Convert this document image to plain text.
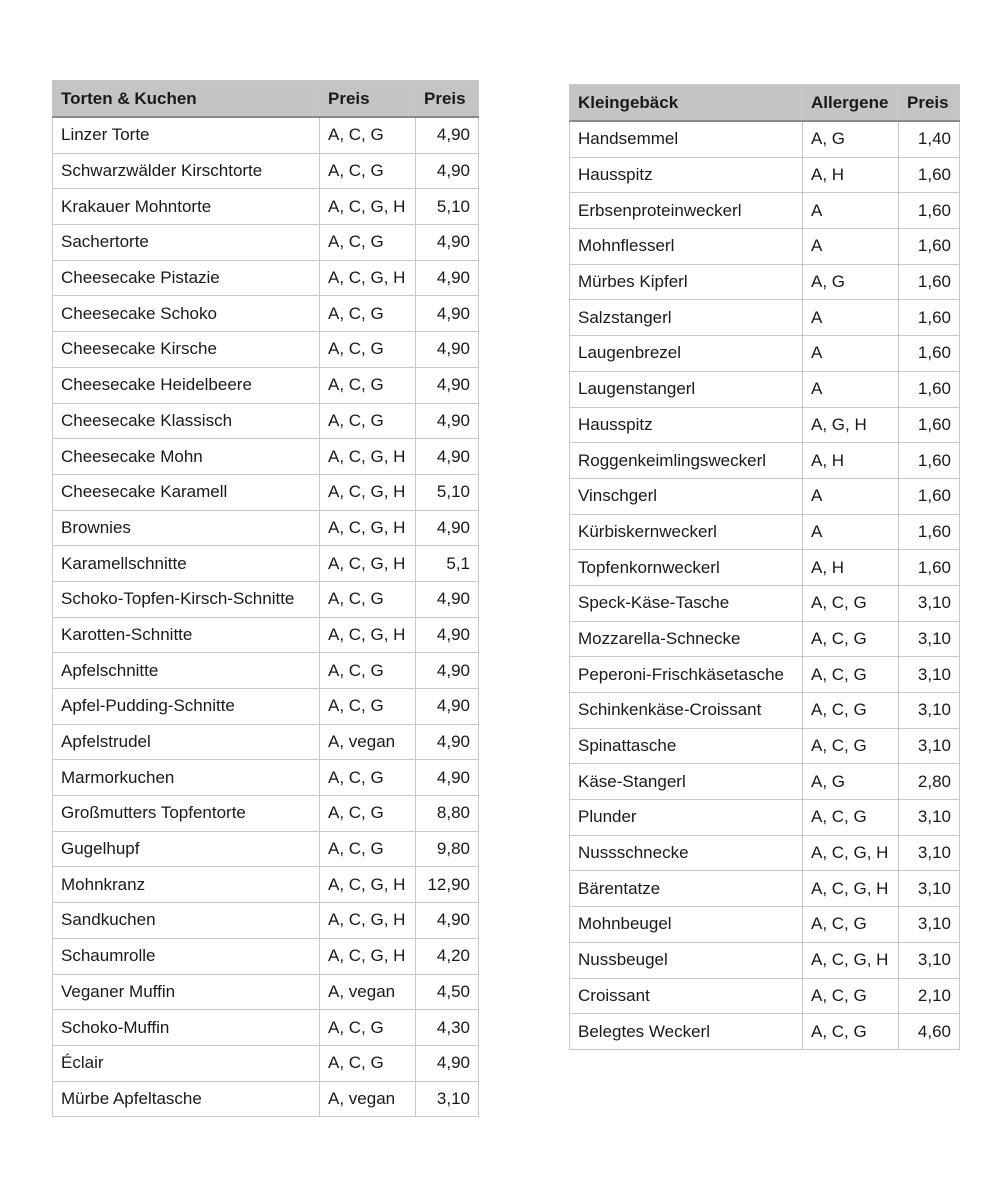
Torten & Kuchen	Preis	Preis
Linzer Torte	A, C, G	4,90
Schwarzwälder Kirschtorte	A, C, G	4,90
Krakauer Mohntorte	A, C, G, H	5,10
Sachertorte	A, C, G	4,90
Cheesecake Pistazie	A, C, G, H	4,90
Cheesecake Schoko	A, C, G	4,90
Cheesecake Kirsche	A, C, G	4,90
Cheesecake Heidelbeere	A, C, G	4,90
Cheesecake Klassisch	A, C, G	4,90
Cheesecake Mohn	A, C, G, H	4,90
Cheesecake Karamell	A, C, G, H	5,10
Brownies	A, C, G, H	4,90
Karamellschnitte	A, C, G, H	5,1
Schoko-Topfen-Kirsch-Schnitte	A, C, G	4,90
Karotten-Schnitte	A, C, G, H	4,90
Apfelschnitte	A, C, G	4,90
Apfel-Pudding-Schnitte	A, C, G	4,90
Apfelstrudel	A, vegan	4,90
Marmorkuchen	A, C, G	4,90
Großmutters Topfentorte	A, C, G	8,80
Gugelhupf	A, C, G	9,80
Mohnkranz	A, C, G, H	12,90
Sandkuchen	A, C, G, H	4,90
Schaumrolle	A, C, G, H	4,20
Veganer Muffin	A, vegan	4,50
Schoko-Muffin	A, C, G	4,30
Éclair	A, C, G	4,90
Mürbe Apfeltasche	A, vegan	3,10
Kleingebäck	Allergene	Preis
Handsemmel	A, G	1,40
Hausspitz	A, H	1,60
Erbsenproteinweckerl	A	1,60
Mohnflesserl	A	1,60
Mürbes Kipferl	A, G	1,60
Salzstangerl	A	1,60
Laugenbrezel	A	1,60
Laugenstangerl	A	1,60
Hausspitz	A, G, H	1,60
Roggenkeimlingsweckerl	A, H	1,60
Vinschgerl	A	1,60
Kürbiskernweckerl	A	1,60
Topfenkornweckerl	A, H	1,60
Speck-Käse-Tasche	A, C, G	3,10
Mozzarella-Schnecke	A, C, G	3,10
Peperoni-Frischkäsetasche	A, C, G	3,10
Schinkenkäse-Croissant	A, C, G	3,10
Spinattasche	A, C, G	3,10
Käse-Stangerl	A, G	2,80
Plunder	A, C, G	3,10
Nussschnecke	A, C, G, H	3,10
Bärentatze	A, C, G, H	3,10
Mohnbeugel	A, C, G	3,10
Nussbeugel	A, C, G, H	3,10
Croissant	A, C, G	2,10
Belegtes Weckerl	A, C, G	4,60
